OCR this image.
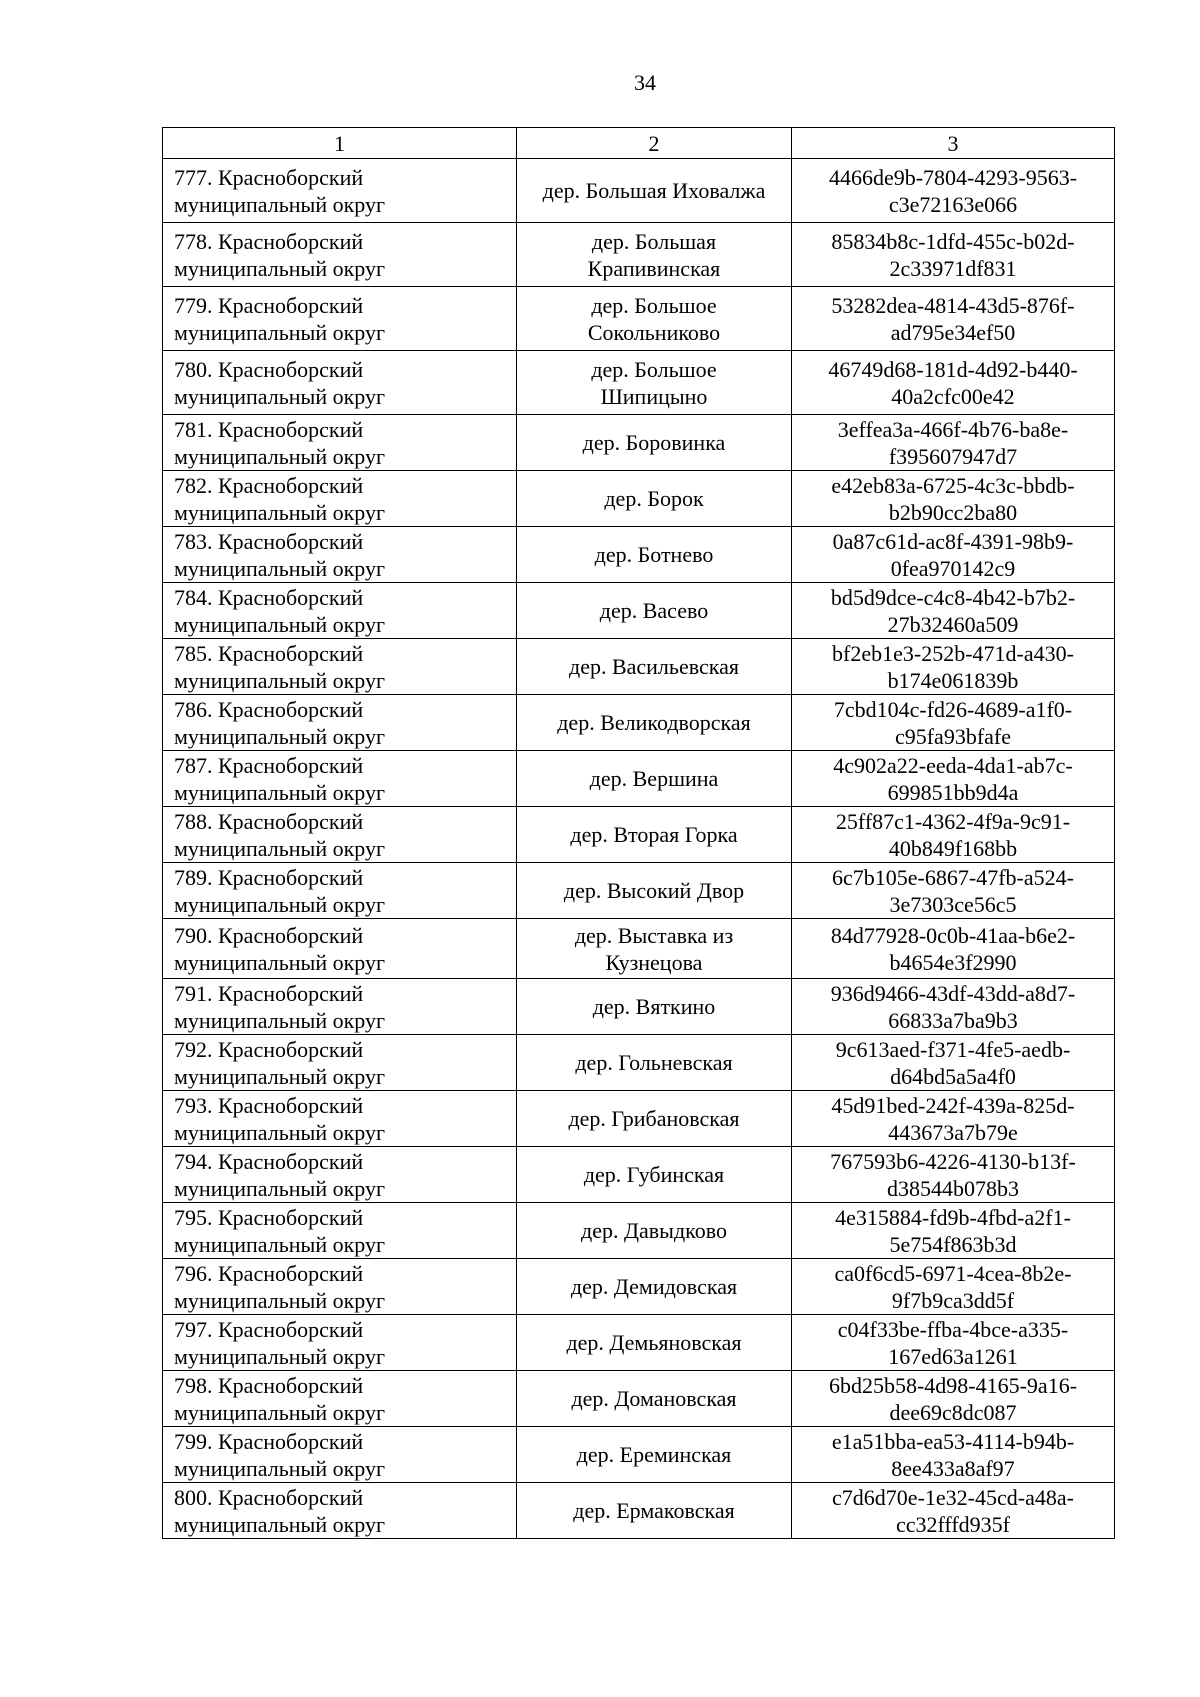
34
1	2	3

777. Красноборский
муниципальный округ	дер. Большая Иховалжа	4466de9b-7804-4293-9563-
c3e72163e066

778. Красноборский
муниципальный округ	дер. Большая
Крапивинская	85834b8c-1dfd-455c-b02d-
2c33971df831

779. Красноборский
муниципальный округ	дер. Большое
Сокольниково	53282dea-4814-43d5-876f-
ad795e34ef50

780. Красноборский
муниципальный округ	дер. Большое
Шипицыно	46749d68-181d-4d92-b440-
40a2cfc00e42

781. Красноборский
муниципальный округ	дер. Боровинка	3effea3a-466f-4b76-ba8e-
f395607947d7

782. Красноборский
муниципальный округ	дер. Борок	e42eb83a-6725-4c3c-bbdb-
b2b90cc2ba80

783. Красноборский
муниципальный округ	дер. Ботнево	0a87c61d-ac8f-4391-98b9-
0fea970142c9

784. Красноборский
муниципальный округ	дер. Васево	bd5d9dce-c4c8-4b42-b7b2-
27b32460a509

785. Красноборский
муниципальный округ	дер. Васильевская	bf2eb1e3-252b-471d-a430-
b174e061839b

786. Красноборский
муниципальный округ	дер. Великодворская	7cbd104c-fd26-4689-a1f0-
c95fa93bfafe

787. Красноборский
муниципальный округ	дер. Вершина	4c902a22-eeda-4da1-ab7c-
699851bb9d4a

788. Красноборский
муниципальный округ	дер. Вторая Горка	25ff87c1-4362-4f9a-9c91-
40b849f168bb

789. Красноборский
муниципальный округ	дер. Высокий Двор	6c7b105e-6867-47fb-a524-
3e7303ce56c5

790. Красноборский
муниципальный округ	дер. Выставка из
Кузнецова	84d77928-0c0b-41aa-b6e2-
b4654e3f2990

791. Красноборский
муниципальный округ	дер. Вяткино	936d9466-43df-43dd-a8d7-
66833a7ba9b3

792. Красноборский
муниципальный округ	дер. Гольневская	9c613aed-f371-4fe5-aedb-
d64bd5a5a4f0

793. Красноборский
муниципальный округ	дер. Грибановская	45d91bed-242f-439a-825d-
443673a7b79e

794. Красноборский
муниципальный округ	дер. Губинская	767593b6-4226-4130-b13f-
d38544b078b3

795. Красноборский
муниципальный округ	дер. Давыдково	4e315884-fd9b-4fbd-a2f1-
5e754f863b3d

796. Красноборский
муниципальный округ	дер. Демидовская	ca0f6cd5-6971-4cea-8b2e-
9f7b9ca3dd5f

797. Красноборский
муниципальный округ	дер. Демьяновская	c04f33be-ffba-4bce-a335-
167ed63a1261

798. Красноборский
муниципальный округ	дер. Домановская	6bd25b58-4d98-4165-9a16-
dee69c8dc087

799. Красноборский
муниципальный округ	дер. Ереминская	e1a51bba-ea53-4114-b94b-
8ee433a8af97

800. Красноборский
муниципальный округ	дер. Ермаковская	c7d6d70e-1e32-45cd-a48a-
cc32fffd935f
